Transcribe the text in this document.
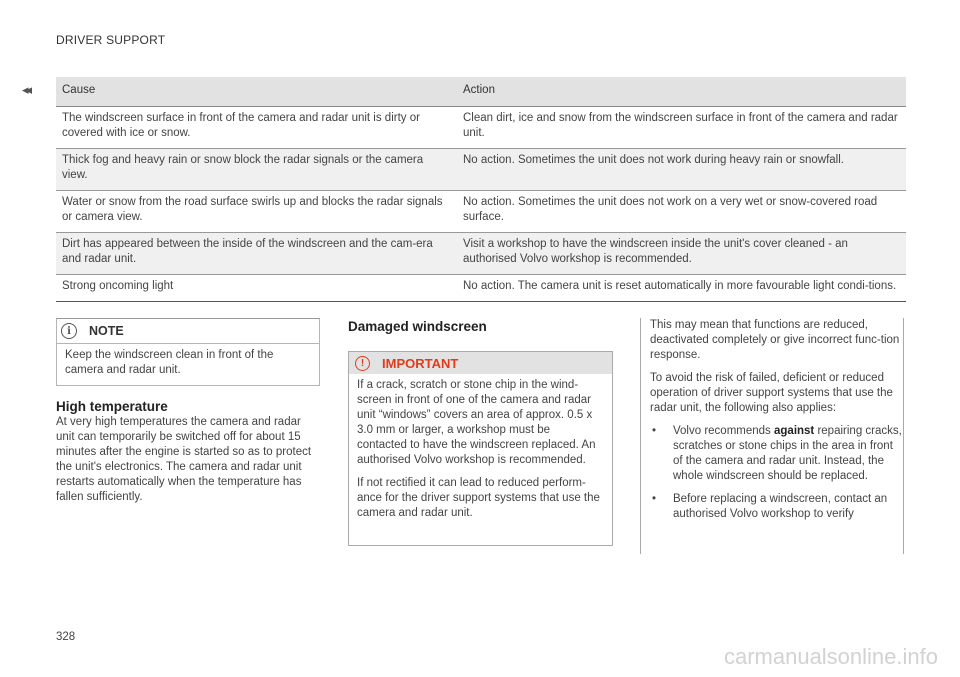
DRIVER SUPPORT
◂◂	Cause	Action
The windscreen surface in front of the camera and radar unit is dirty or covered with ice or snow.	Clean dirt, ice and snow from the windscreen surface in front of the camera and radar unit.
Thick fog and heavy rain or snow block the radar signals or the camera view.	No action. Sometimes the unit does not work during heavy rain or snowfall.
Water or snow from the road surface swirls up and blocks the radar signals or camera view.	No action. Sometimes the unit does not work on a very wet or snow-covered road surface.
Dirt has appeared between the inside of the windscreen and the cam-era and radar unit.	Visit a workshop to have the windscreen inside the unit's cover cleaned - an authorised Volvo workshop is recommended.
Strong oncoming light	No action. The camera unit is reset automatically in more favourable light condi-tions.
i	NOTE
Keep the windscreen clean in front of the camera and radar unit.
High temperature
At very high temperatures the camera and radar unit can temporarily be switched off for about 15 minutes after the engine is started so as to protect the unit's electronics. The camera and radar unit restarts automatically when the temperature has fallen sufficiently.
Damaged windscreen
!	IMPORTANT

If a crack, scratch or stone chip in the wind-screen in front of one of the camera and radar unit “windows” covers an area of approx. 0.5 x 3.0 mm or larger, a workshop must be contacted to have the windscreen replaced. An authorised Volvo workshop is recommended.

If not rectified it can lead to reduced perform-ance for the driver support systems that use the camera and radar unit.

This may mean that functions are reduced, deactivated completely or give incorrect func-tion response.

To avoid the risk of failed, deficient or reduced operation of driver support systems that use the radar unit, the following also applies:

• Volvo recommends against repairing cracks, scratches or stone chips in the area in front of the camera and radar unit. Instead, the whole windscreen should be replaced.
• Before replacing a windscreen, contact an authorised Volvo workshop to verify
328
carmanualsonline.info
